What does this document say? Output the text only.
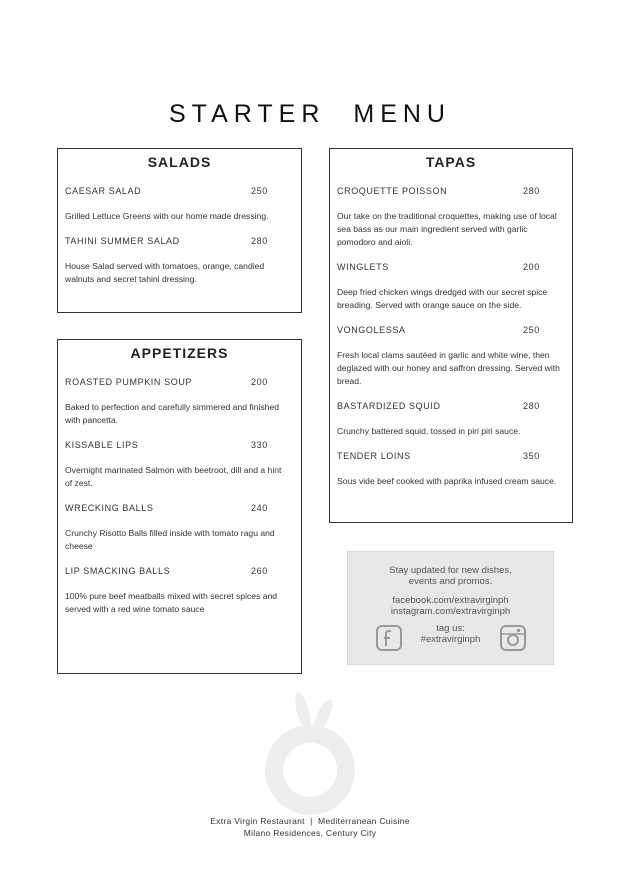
STARTER MENU
SALADS
CAESAR SALAD	250
Grilled Lettuce Greens with our home made dressing.
TAHINI SUMMER SALAD	280
House Salad served with tomatoes, orange, candied walnuts and secret tahini dressing.
APPETIZERS
ROASTED PUMPKIN SOUP	200
Baked to perfection and carefully simmered and finished with pancetta.
KISSABLE LIPS	330
Overnight marinated Salmon with beetroot, dill and a hint of zest.
WRECKING BALLS	240
Crunchy Risotto Balls filled inside with tomato ragu and cheese
LIP SMACKING BALLS	260
100% pure beef meatballs mixed with secret spices and served with a red wine tomato sauce
TAPAS
CROQUETTE POISSON	280
Our take on the traditional croquettes, making use of local sea bass as our main ingredient served with garlic pomodoro and aioli.
WINGLETS	200
Deep fried chicken wings dredged with our secret spice breading. Served with orange sauce on the side.
VONGOLESSA	250
Fresh local clams sautéed in garlic and white wine, then deglazed with our honey and saffron dressing. Served with bread.
BASTARDIZED SQUID	280
Crunchy battered squid, tossed in piri piri sauce.
TENDER LOINS	350
Sous vide beef cooked with paprika infused cream sauce.
Stay updated for new dishes,
events and promos.
facebook.com/extravirginph
instagram.com/extravirginph
tag us:
#extravirginph
Extra Virgin Restaurant  |  Mediterranean Cuisine
Milano Residences, Century City
